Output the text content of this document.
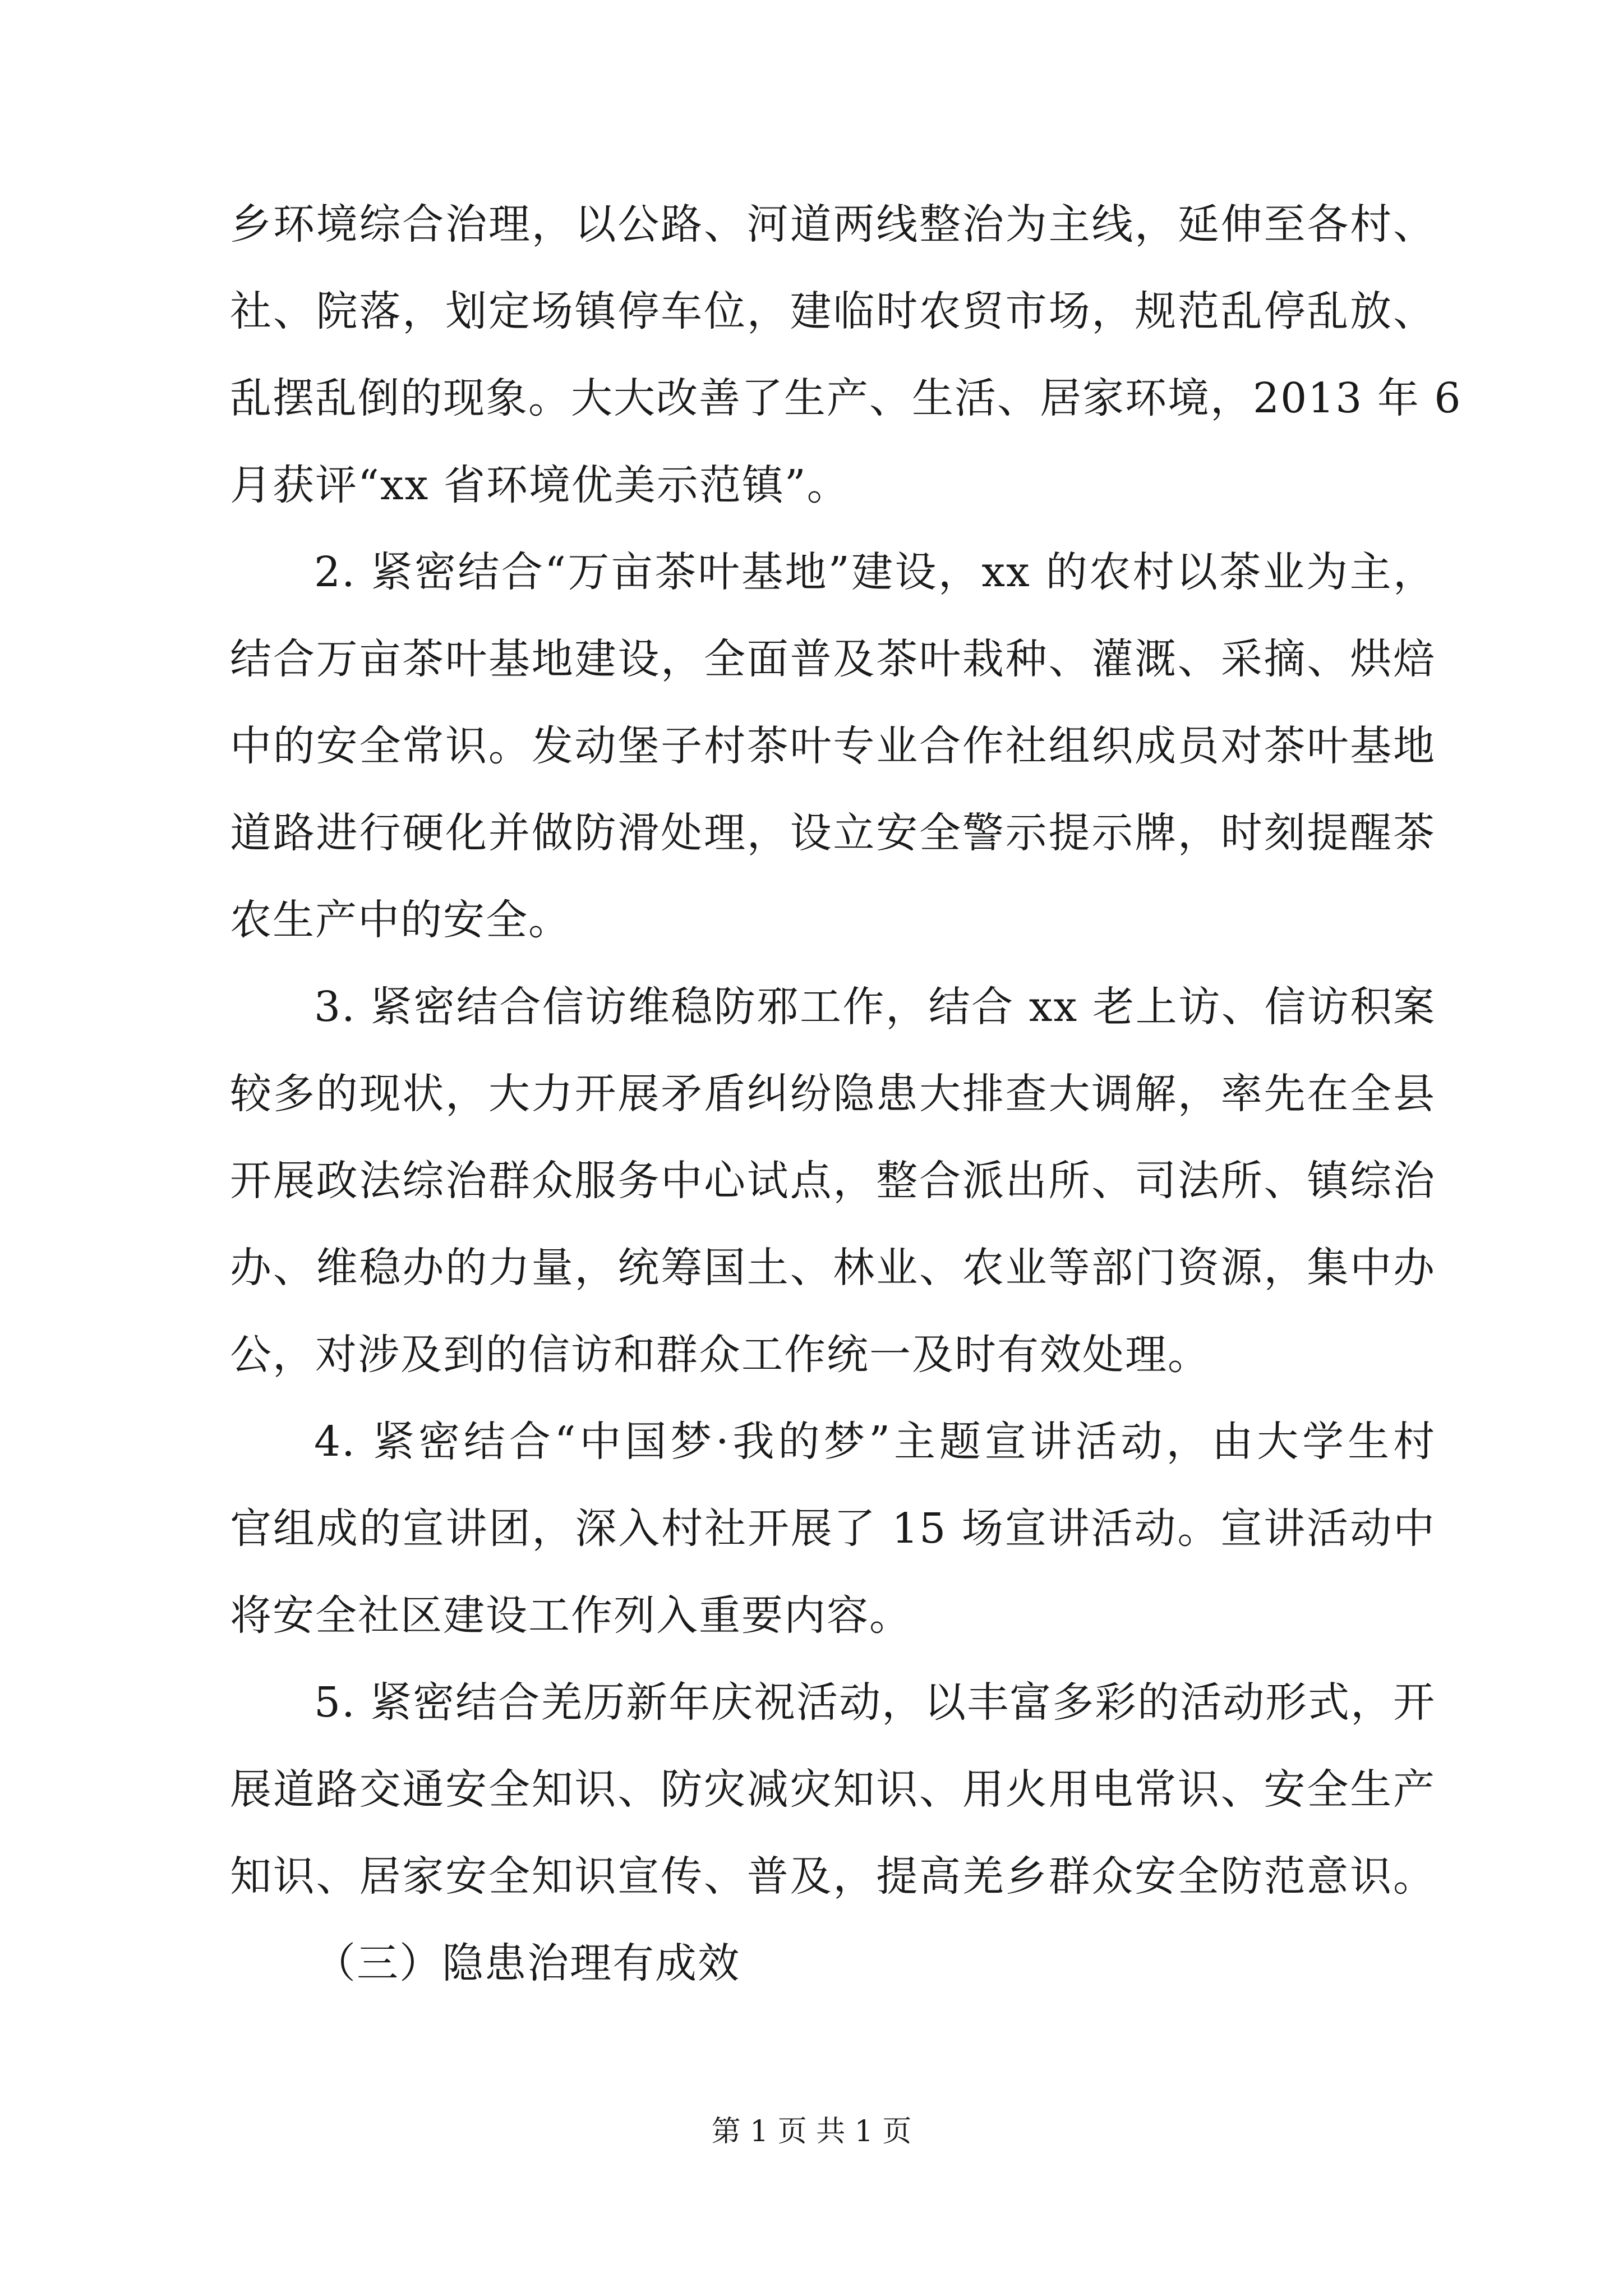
乡环境综合治理，以公路、河道两线整治为主线，延伸至各村、
社、院落，划定场镇停车位，建临时农贸市场，规范乱停乱放、
乱摆乱倒的现象。大大改善了生产、生活、居家环境，2013 年 6
月获评“xx 省环境优美示范镇”。
2. 紧密结合“万亩茶叶基地”建设，xx 的农村以茶业为主，
结合万亩茶叶基地建设，全面普及茶叶栽种、灌溉、采摘、烘焙
中的安全常识。发动堡子村茶叶专业合作社组织成员对茶叶基地
道路进行硬化并做防滑处理，设立安全警示提示牌，时刻提醒茶
农生产中的安全。
3. 紧密结合信访维稳防邪工作，结合 xx 老上访、信访积案
较多的现状，大力开展矛盾纠纷隐患大排查大调解，率先在全县
开展政法综治群众服务中心试点，整合派出所、司法所、镇综治
办、维稳办的力量，统筹国土、林业、农业等部门资源，集中办
公，对涉及到的信访和群众工作统一及时有效处理。
4. 紧密结合“中国梦·我的梦”主题宣讲活动，由大学生村
官组成的宣讲团，深入村社开展了 15 场宣讲活动。宣讲活动中
将安全社区建设工作列入重要内容。
5. 紧密结合羌历新年庆祝活动，以丰富多彩的活动形式，开
展道路交通安全知识、防灾减灾知识、用火用电常识、安全生产
知识、居家安全知识宣传、普及，提高羌乡群众安全防范意识。
（三）隐患治理有成效
第 1 页 共 1 页
